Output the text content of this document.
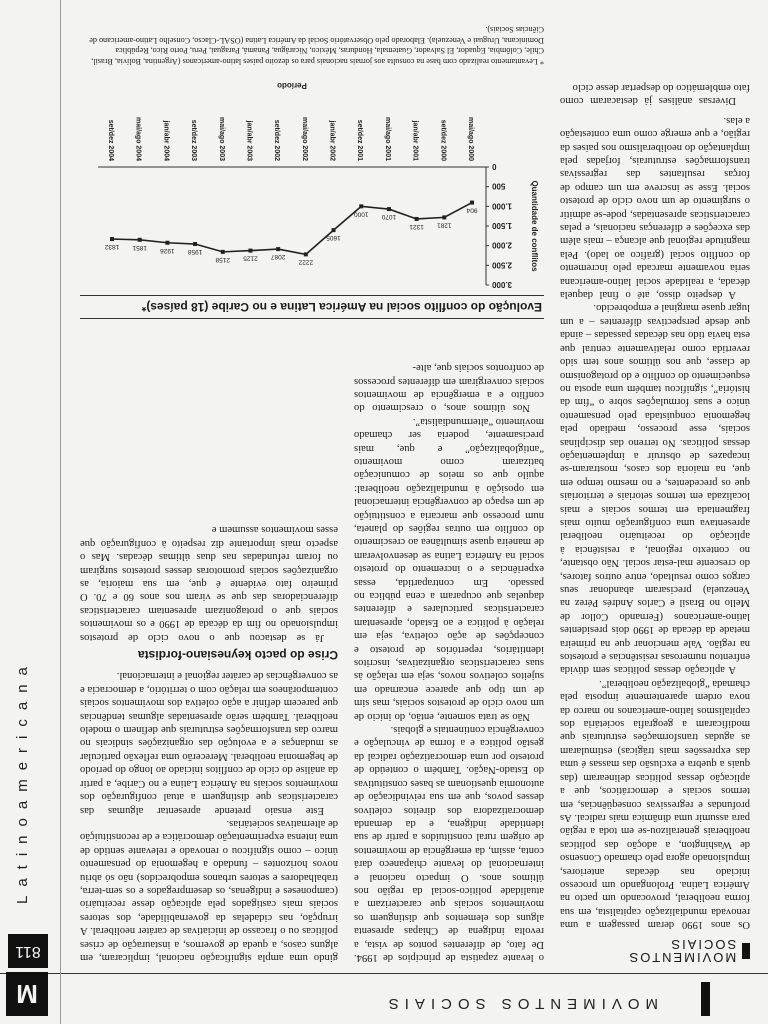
MOVIMENTOS SOCIAIS
M
811
Latinoamericana
MOVIMENTOS SOCIAIS

Os anos 1990 deram passagem a uma renovada mundialização capitalista, em sua forma neoliberal, provocando um pacto na América Latina. Prolongando um processo iniciado nas décadas anteriores, impulsionado agora pelo chamado Consenso de Washington, a adoção das políticas neoliberais generalizou-se em toda a região para assumir uma dinâmica mais radical. As profundas e regressivas conseqüências, em termos sociais e democráticos, que a aplicação dessas políticas delinearam (das quais a quebra e exclusão das massas é uma das expressões mais trágicas) estimularam as agudas transformações estruturais que modificaram a geografia societária dos capitalismos latino-americanos no marco da nova ordem aparentemente imposta pela chamada “globalização neoliberal”.

A aplicação dessas políticas sem dúvida enfrentou numerosas resistências e protestos na região. Vale mencionar que na primeira metade da década de 1990 dois presidentes latino-americanos (Fernando Collor de Mello no Brasil e Carlos Andrés Pérez na Venezuela) precisaram abandonar seus cargos como resultado, entre outros fatores, do crescente mal-estar social. Não obstante, no contexto regional, a resistência à aplicação do receituário neoliberal apresentava uma configuração muito mais fragmentada em termos sociais e mais localizada em termos setoriais e territoriais que os precedentes, e no mesmo tempo em que, na maioria dos casos, mostraram-se incapazes de obstruir a implementação dessas políticas. No terreno das disciplinas sociais, esse processo, mediado pela hegemonia conquistada pelo pensamento único e suas formulações sobre o “fim da história”, significou também uma aposta no esquecimento do conflito e do protagonismo de classe, que nos últimos anos tem sido revertida como relativamente central que esta havia tido nas décadas passadas – ainda que desde perspectivas diferentes – a um lugar quase marginal e empobrecido.

A despeito disso, até o final daquela década, a realidade social latino-americana seria novamente marcada pelo incremento do conflito social (gráfico ao lado). Pela magnitude regional que alcança – mais além das exceções e diferenças nacionais, e pelas características apresentadas, pode-se admitir o surgimento de um novo ciclo de protesto social. Esse se inscreve em um campo de forças resultantes das regressivas transformações estruturais, forjadas pela implantação do neoliberalismo nos países da região, e que emerge como uma contestação a elas.

Diversas análises já destacaram como fato emblemático do despertar desse ciclo

o levante zapatista de princípios de 1994. De fato, de diferentes pontos de vista, a revolta indígena de Chiapas apresenta alguns dos elementos que distinguem os movimentos sociais que caracterizam a atualidade político-social da região nos últimos anos. O impacto nacional e internacional do levante chiapaneco dará conta, assim, da emergência de movimentos de origem rural constituídos a partir de sua identidade indígena, e da demanda democratizadora dos direitos coletivos desses povos, que em sua reivindicação de autonomia questionam as bases constitutivas do Estado-Nação. Também o conteúdo de protesto por uma democratização radical da gestão política e a forma de vinculação e convergência continentais e globais.

Não se trata somente, então, do início de um novo ciclo de protestos sociais, mas sim de um tipo que aparece encarnado em sujeitos coletivos novos, seja em relação às suas características organizativas, inscritos identitários, repertórios de protesto e concepções de ação coletiva, seja em relação à política e ao Estado, apresentam características particulares e diferentes daquelas que ocuparam a cena pública no passado. Em contrapartida, essas experiências e o incremento do protesto social na América Latina se desenvolveram de maneira quase simultânea ao crescimento do conflito em outras regiões do planeta, num processo que marcaria a constituição de um espaço de convergência internacional em oposição à mundialização neoliberal: aquilo que os meios de comunicação batizaram como movimento “antiglobalização” e que, mais precisamente, poderia ser chamado movimento “altermundialista”.

Nos últimos anos, o crescimento do conflito e a emergência de movimentos sociais convergiram em diferentes processos de confrontos sociais que, alte-

gindo uma ampla significação nacional, implicaram, em alguns casos, a queda de governos, a instauração de crises políticas ou o fracasso de iniciativas de caráter neoliberal. A irrupção, nas cidadelas da governabilidade, dos setores sociais mais castigados pela aplicação desse receituário (camponeses e indígenas, os desempregados e os sem-terra, trabalhadores e setores urbanos empobrecidos) não só abriu novos horizontes – fundado a hegemonia do pensamento único – como significou o renovado e relevante sentido de uma intensa experimentação democrática e de reconstituição de alternativas societárias.

Este ensaio pretende apresentar algumas das características que distinguem a atual configuração dos movimentos sociais na América Latina e no Caribe, a partir da análise do ciclo de conflitos iniciado ao longo do período de hegemonia neoliberal. Merecerão uma reflexão particular as mudanças e a evolução das organizações sindicais no marco das transformações estruturais que definem o modelo neoliberal. Também serão apresentadas algumas tendências que parecem definir a ação coletiva dos movimentos sociais contemporâneos em relação com o território, a democracia e as convergências de caráter regional e internacional.

Crise do pacto keynesiano-fordista

Já se destacou que o novo ciclo de protestos impulsionado no fim da década de 1990 e os movimentos sociais que o protagonizam apresentam características diferenciadoras das que se viram nos anos 60 e 70. O primeiro fato evidente é que, em sua maioria, as organizações sociais promotoras desses protestos surgiram ou foram refundadas nas duas últimas décadas. Mas o aspecto mais importante diz respeito à configuração que esses movimentos assumem e

Evolução do conflito social na América Latina e no Caribe (18 países)*
0
500
1.000
1.500
2.000
2.500
3.000
Quantidade de conflitos
904
mai/ago 2000
1281
set/dez 2000
1321
jan/abr 2001
1070
mai/ago 2001
1000
set/dez 2001
1605
jan/abr 2002
2222
mai/ago 2002
2087
set/dez 2002
2125
jan/abr 2003
2158
mai/ago 2003
1958
set/dez 2003
1926
jan/abr 2004
1851
mai/ago 2004
1832
set/dez 2004
Período

* Levantamento realizado com base na consulta aos jornais nacionais para os dezoito países latino-americanos (Argentina, Bolívia, Brasil, Chile, Colômbia, Equador, El Salvador, Guatemala, Honduras, México, Nicarágua, Panamá, Paraguai, Peru, Porto Rico, República Dominicana, Uruguai e Venezuela). Elaborado pelo Observatório Social da América Latina (OSAL-Clacso, Conselho Latino-americano de Ciências Sociais).
